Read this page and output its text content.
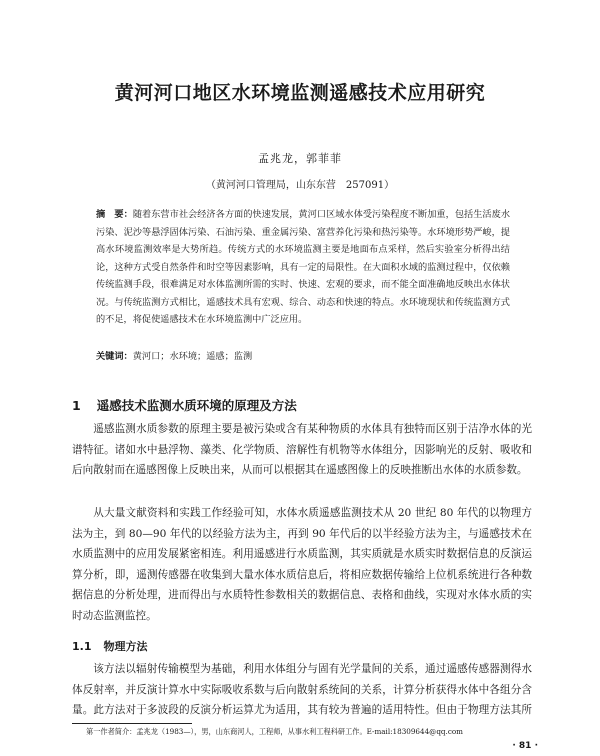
黄河河口地区水环境监测遥感技术应用研究
孟兆龙，郭菲菲
（黄河河口管理局，山东东营　257091）
摘　要：随着东营市社会经济各方面的快速发展，黄河口区域水体受污染程度不断加重，包括生活废水污染、泥沙等悬浮固体污染、石油污染、重金属污染、富营养化污染和热污染等。水环境形势严峻，提高水环境监测效率是大势所趋。传统方式的水环境监测主要是地面布点采样，然后实验室分析得出结论，这种方式受自然条件和时空等因素影响，具有一定的局限性。在大面积水域的监测过程中，仅依赖传统监测手段，很难满足对水体监测所需的实时、快速、宏观的要求，而不能全面准确地反映出水体状况。与传统监测方式相比，遥感技术具有宏观、综合、动态和快速的特点。水环境现状和传统监测方式的不足，将促使遥感技术在水环境监测中广泛应用。
关键词：黄河口；水环境；遥感；监测
1 遥感技术监测水质环境的原理及方法
遥感监测水质参数的原理主要是被污染或含有某种物质的水体具有独特而区别于洁净水体的光谱特征。诸如水中悬浮物、藻类、化学物质、溶解性有机物等水体组分，因影响光的反射、吸收和后向散射而在遥感图像上反映出来，从而可以根据其在遥感图像上的反映推断出水体的水质参数。
从大量文献资料和实践工作经验可知，水体水质遥感监测技术从 20 世纪 80 年代的以物理方法为主，到 80—90 年代的以经验方法为主，再到 90 年代后的以半经验方法为主，与遥感技术在水质监测中的应用发展紧密相连。利用遥感进行水质监测，其实质就是水质实时数据信息的反演运算分析，即，遥测传感器在收集到大量水体水质信息后，将相应数据传输给上位机系统进行各种数据信息的分析处理，进而得出与水质特性参数相关的数据信息、表格和曲线，实现对水体水质的实时动态监测监控。
1.1 物理方法
该方法以辐射传输模型为基础，利用水体组分与固有光学量间的关系，通过遥感传感器测得水体反射率，并反演计算水中实际吸收系数与后向散射系统间的关系，计算分析获得水体中各组分含量。此方法对于多波段的反演分析运算尤为适用，其有较为普遍的适用特性。但由于物理方法其所
第一作者简介：孟兆龙（1983—），男，山东商河人，工程师，从事水利工程科研工作。E-mail:18309644@qq.com
· 81 ·
